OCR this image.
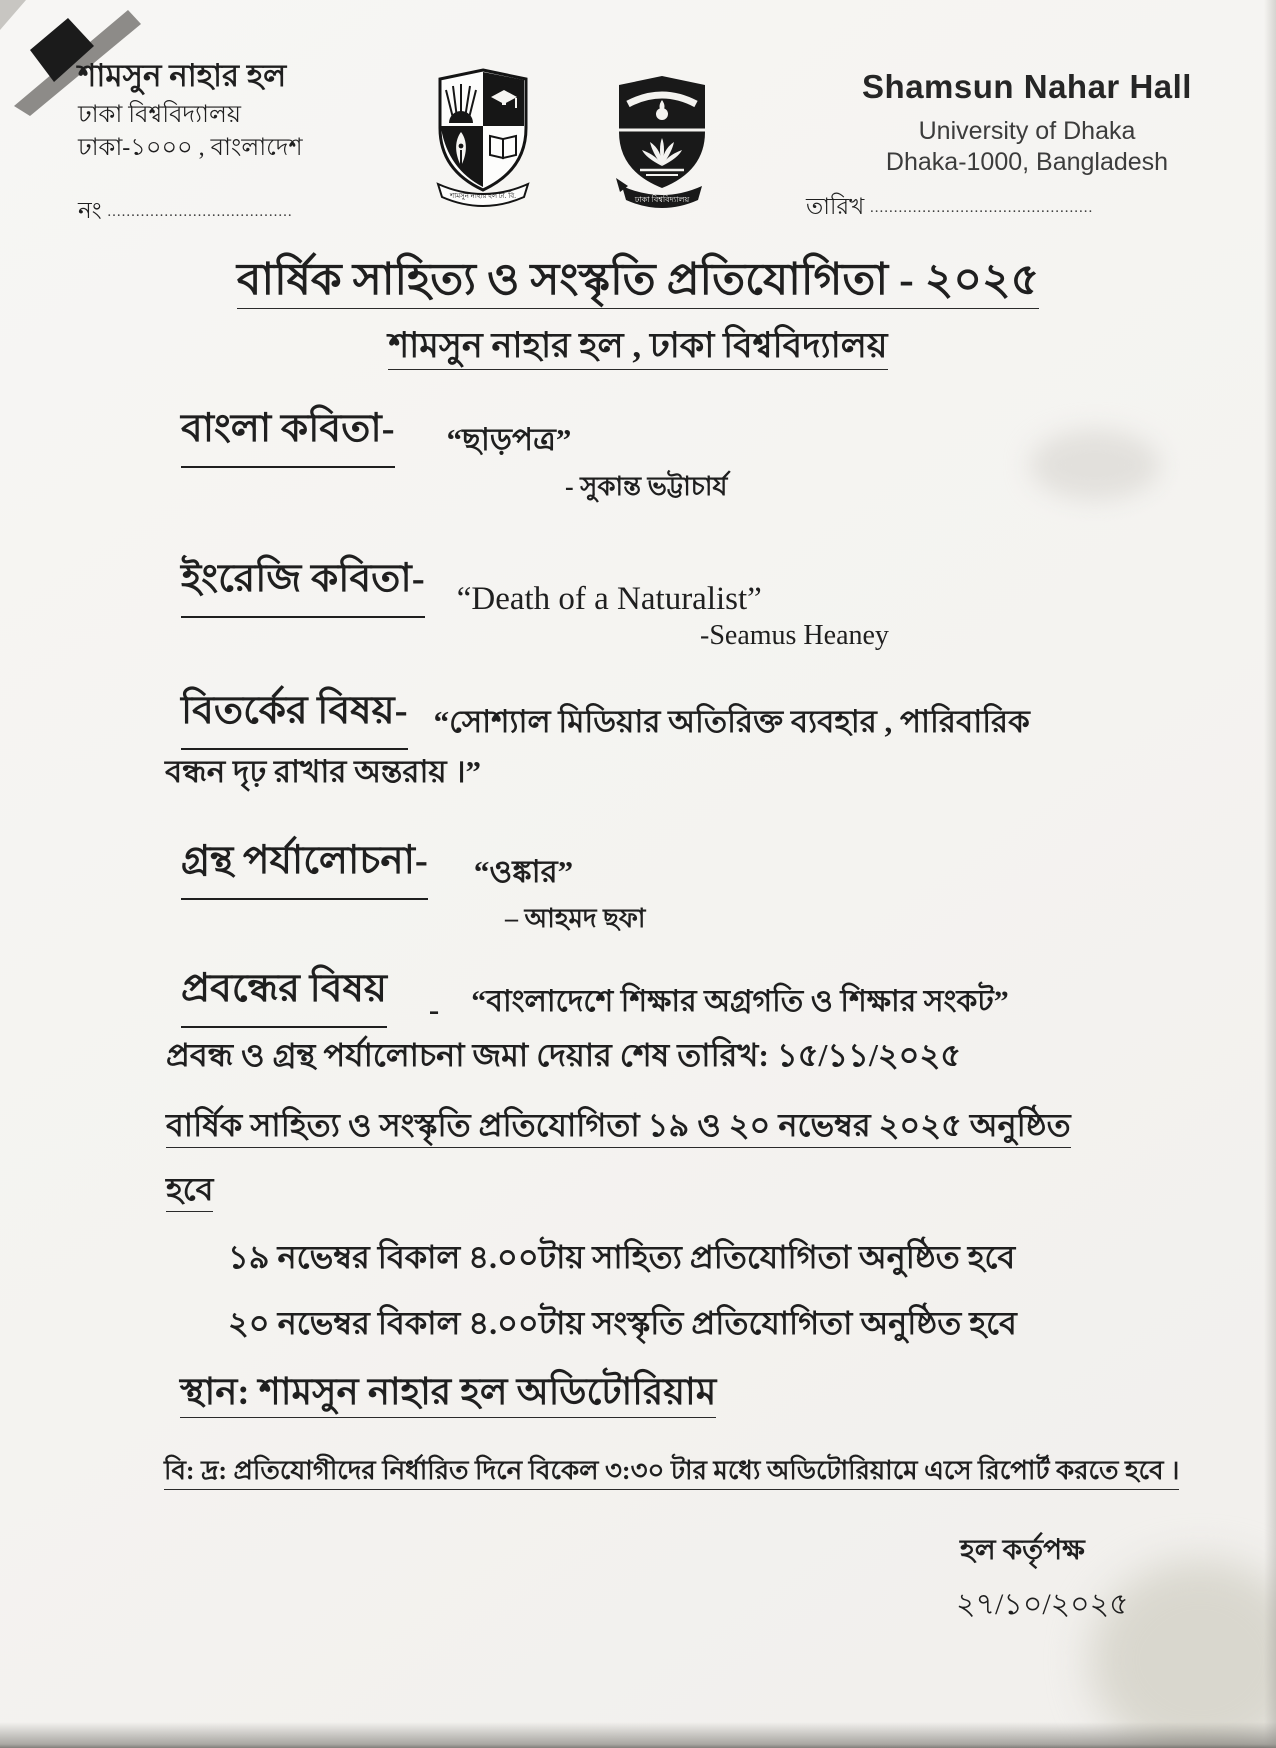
শামসুন নাহার হল
ঢাকা বিশ্ববিদ্যালয়
ঢাকা-১০০০ , বাংলাদেশ
নং .......................................
শামসুন নাহার হল ঢা. বি.	ঢাকা বিশ্ববিদ্যালয়
Shamsun Nahar Hall
University of Dhaka
Dhaka-1000, Bangladesh
তারিখ ...............................................
বার্ষিক সাহিত্য ও সংস্কৃতি প্রতিযোগিতা - ২০২৫
শামসুন নাহার হল , ঢাকা বিশ্ববিদ্যালয়
বাংলা কবিতা- “ছাড়পত্র”
- সুকান্ত ভট্টাচার্য
ইংরেজি কবিতা- “Death of a Naturalist”
-Seamus Heaney
বিতর্কের বিষয়- “সোশ্যাল মিডিয়ার অতিরিক্ত ব্যবহার , পারিবারিক
বন্ধন দৃঢ় রাখার অন্তরায় ।”
গ্রন্থ পর্যালোচনা- “ওঙ্কার”
– আহমদ ছফা
প্রবন্ধের বিষয় - “বাংলাদেশে শিক্ষার অগ্রগতি ও শিক্ষার সংকট”
প্রবন্ধ ও গ্রন্থ পর্যালোচনা জমা দেয়ার শেষ তারিখ: ১৫/১১/২০২৫
বার্ষিক সাহিত্য ও সংস্কৃতি প্রতিযোগিতা ১৯ ও ২০ নভেম্বর ২০২৫ অনুষ্ঠিত
হবে
১৯ নভেম্বর বিকাল ৪.০০টায় সাহিত্য প্রতিযোগিতা অনুষ্ঠিত হবে
২০ নভেম্বর বিকাল ৪.০০টায় সংস্কৃতি প্রতিযোগিতা অনুষ্ঠিত হবে
স্থান: শামসুন নাহার হল অডিটোরিয়াম
বি: দ্র: প্রতিযোগীদের নির্ধারিত দিনে বিকেল ৩:৩০ টার মধ্যে অডিটোরিয়ামে এসে রিপোর্ট করতে হবে ।
হল কর্তৃপক্ষ
২৭/১০/২০২৫
